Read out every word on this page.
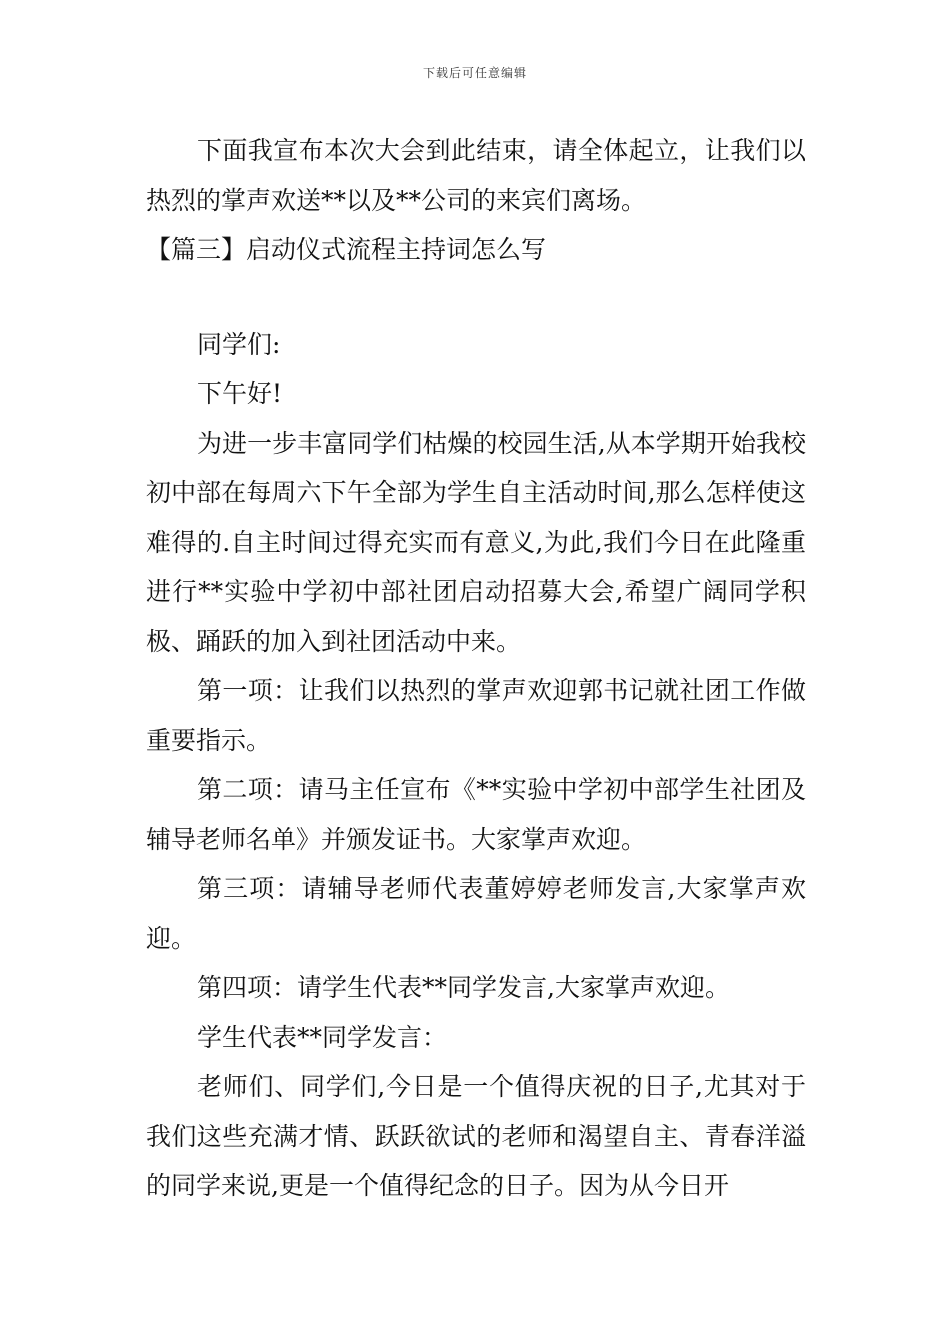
下载后可任意编辑

下面我宣布本次大会到此结束，请全体起立，让我们以热烈的掌声欢送**以及**公司的来宾们离场。

【篇三】启动仪式流程主持词怎么写

同学们:

下午好!

为进一步丰富同学们枯燥的校园生活,从本学期开始我校初中部在每周六下午全部为学生自主活动时间,那么怎样使这难得的.自主时间过得充实而有意义,为此,我们今日在此隆重进行**实验中学初中部社团启动招募大会,希望广阔同学积极、踊跃的加入到社团活动中来。

第一项：让我们以热烈的掌声欢迎郭书记就社团工作做重要指示。

第二项：请马主任宣布《**实验中学初中部学生社团及辅导老师名单》并颁发证书。大家掌声欢迎。

第三项：请辅导老师代表董婷婷老师发言,大家掌声欢迎。

第四项：请学生代表**同学发言,大家掌声欢迎。

学生代表**同学发言：

老师们、同学们,今日是一个值得庆祝的日子,尤其对于我们这些充满才情、跃跃欲试的老师和渴望自主、青春洋溢的同学来说,更是一个值得纪念的日子。因为从今日开
